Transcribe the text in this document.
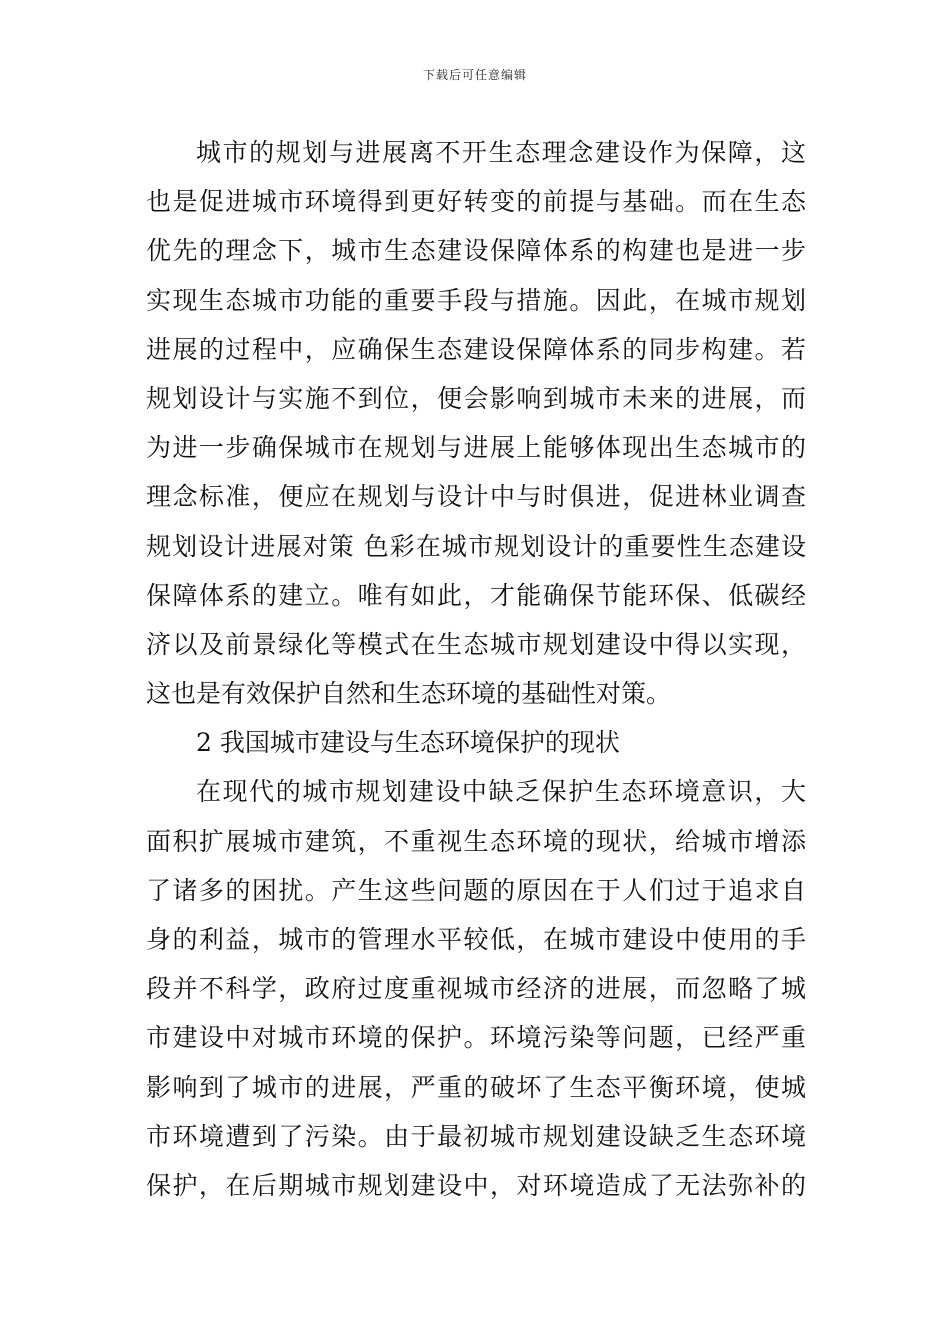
下载后可任意编辑
城市的规划与进展离不开生态理念建设作为保障，这
也是促进城市环境得到更好转变的前提与基础。而在生态
优先的理念下，城市生态建设保障体系的构建也是进一步
实现生态城市功能的重要手段与措施。因此，在城市规划
进展的过程中，应确保生态建设保障体系的同步构建。若
规划设计与实施不到位，便会影响到城市未来的进展，而
为进一步确保城市在规划与进展上能够体现出生态城市的
理念标准，便应在规划与设计中与时俱进，促进林业调查
规划设计进展对策 色彩在城市规划设计的重要性生态建设
保障体系的建立。唯有如此，才能确保节能环保、低碳经
济以及前景绿化等模式在生态城市规划建设中得以实现，
这也是有效保护自然和生态环境的基础性对策。
2 我国城市建设与生态环境保护的现状
在现代的城市规划建设中缺乏保护生态环境意识，大
面积扩展城市建筑，不重视生态环境的现状，给城市增添
了诸多的困扰。产生这些问题的原因在于人们过于追求自
身的利益，城市的管理水平较低，在城市建设中使用的手
段并不科学，政府过度重视城市经济的进展，而忽略了城
市建设中对城市环境的保护。环境污染等问题，已经严重
影响到了城市的进展，严重的破坏了生态平衡环境，使城
市环境遭到了污染。由于最初城市规划建设缺乏生态环境
保护，在后期城市规划建设中，对环境造成了无法弥补的
